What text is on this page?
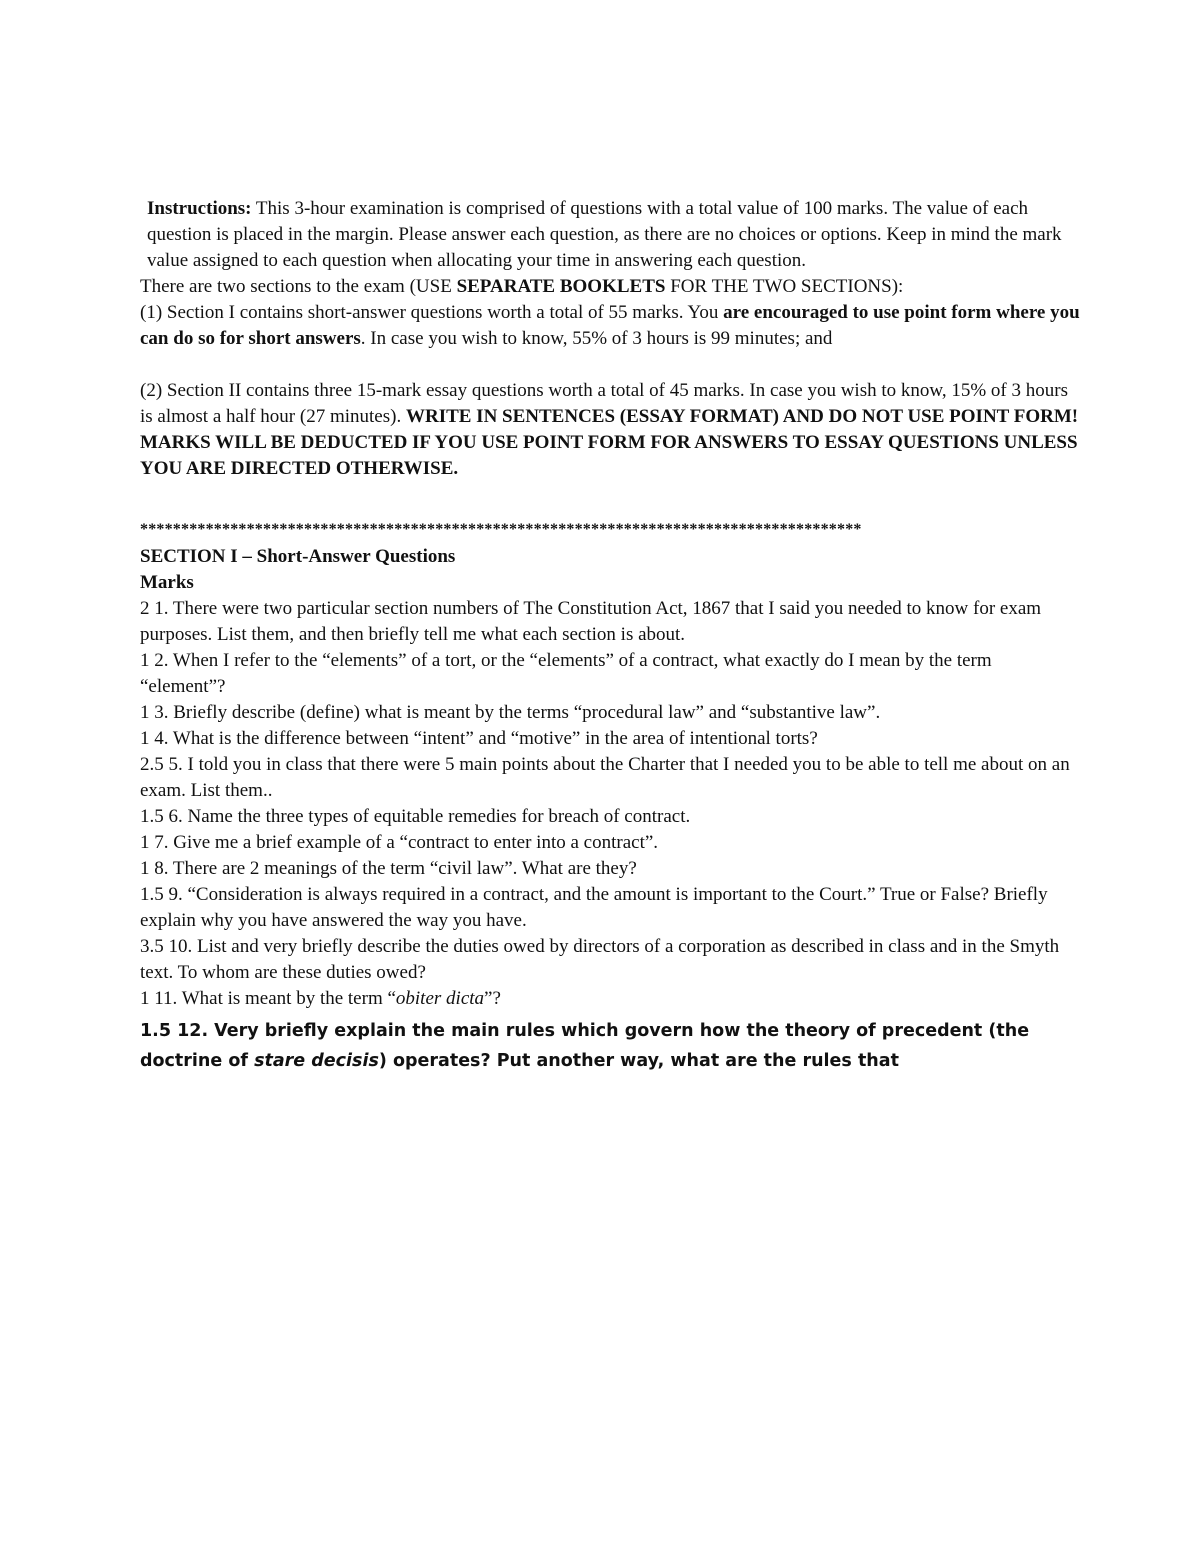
Instructions: This 3-hour examination is comprised of questions with a total value of 100 marks. The value of each question is placed in the margin. Please answer each question, as there are no choices or options. Keep in mind the mark value assigned to each question when allocating your time in answering each question.

There are two sections to the exam (USE SEPARATE BOOKLETS FOR THE TWO SECTIONS):

(1) Section I contains short-answer questions worth a total of 55 marks. You are encouraged to use point form where you can do so for short answers. In case you wish to know, 55% of 3 hours is 99 minutes; and

(2) Section II contains three 15-mark essay questions worth a total of 45 marks. In case you wish to know, 15% of 3 hours is almost a half hour (27 minutes). WRITE IN SENTENCES (ESSAY FORMAT) AND DO NOT USE POINT FORM! MARKS WILL BE DEDUCTED IF YOU USE POINT FORM FOR ANSWERS TO ESSAY QUESTIONS UNLESS YOU ARE DIRECTED OTHERWISE.

****************************************************************************************

SECTION I – Short-Answer Questions

Marks

2 1. There were two particular section numbers of The Constitution Act, 1867 that I said you needed to know for exam purposes. List them, and then briefly tell me what each section is about.

1 2. When I refer to the “elements” of a tort, or the “elements” of a contract, what exactly do I mean by the term “element”?

1 3. Briefly describe (define) what is meant by the terms “procedural law” and “substantive law”.

1 4. What is the difference between “intent” and “motive” in the area of intentional torts?

2.5 5. I told you in class that there were 5 main points about the Charter that I needed you to be able to tell me about on an exam. List them..

1.5 6. Name the three types of equitable remedies for breach of contract.

1 7. Give me a brief example of a “contract to enter into a contract”.

1 8. There are 2 meanings of the term “civil law”. What are they?

1.5 9. “Consideration is always required in a contract, and the amount is important to the Court.” True or False? Briefly explain why you have answered the way you have.

3.5 10. List and very briefly describe the duties owed by directors of a corporation as described in class and in the Smyth text. To whom are these duties owed?

1 11. What is meant by the term “obiter dicta”?

1.5 12. Very briefly explain the main rules which govern how the theory of precedent (the doctrine of stare decisis) operates? Put another way, what are the rules that
